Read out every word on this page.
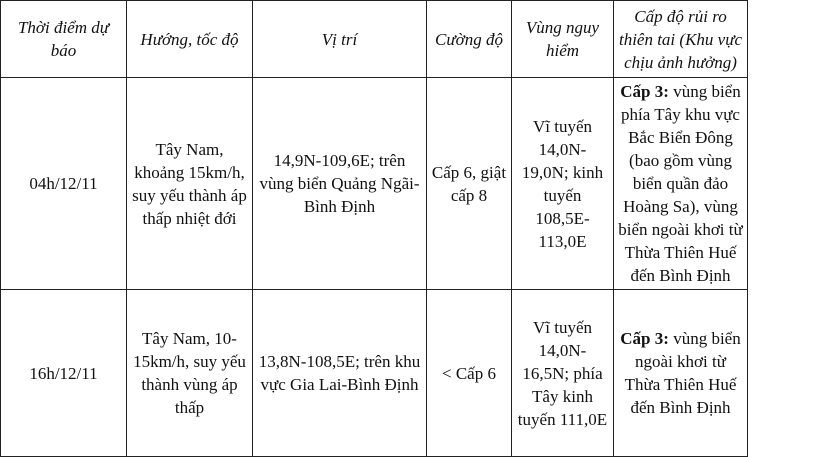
Thời điểm dự báo	Hướng, tốc độ	Vị trí	Cường độ	Vùng nguy hiểm	Cấp độ rủi ro thiên tai (Khu vực chịu ảnh hưởng)
04h/12/11	Tây Nam, khoảng 15km/h, suy yếu thành áp thấp nhiệt đới	14,9N-109,6E; trên vùng biển Quảng Ngãi-Bình Định	Cấp 6, giật cấp 8	Vĩ tuyến 14,0N-19,0N; kinh tuyến 108,5E-113,0E	Cấp 3: vùng biển phía Tây khu vực Bắc Biển Đông (bao gồm vùng biển quần đảo Hoàng Sa), vùng biển ngoài khơi từ Thừa Thiên Huế đến Bình Định
16h/12/11	Tây Nam, 10-15km/h, suy yếu thành vùng áp thấp	13,8N-108,5E; trên khu vực Gia Lai-Bình Định	< Cấp 6	Vĩ tuyến 14,0N-16,5N; phía Tây kinh tuyến 111,0E	Cấp 3: vùng biển ngoài khơi từ Thừa Thiên Huế đến Bình Định
